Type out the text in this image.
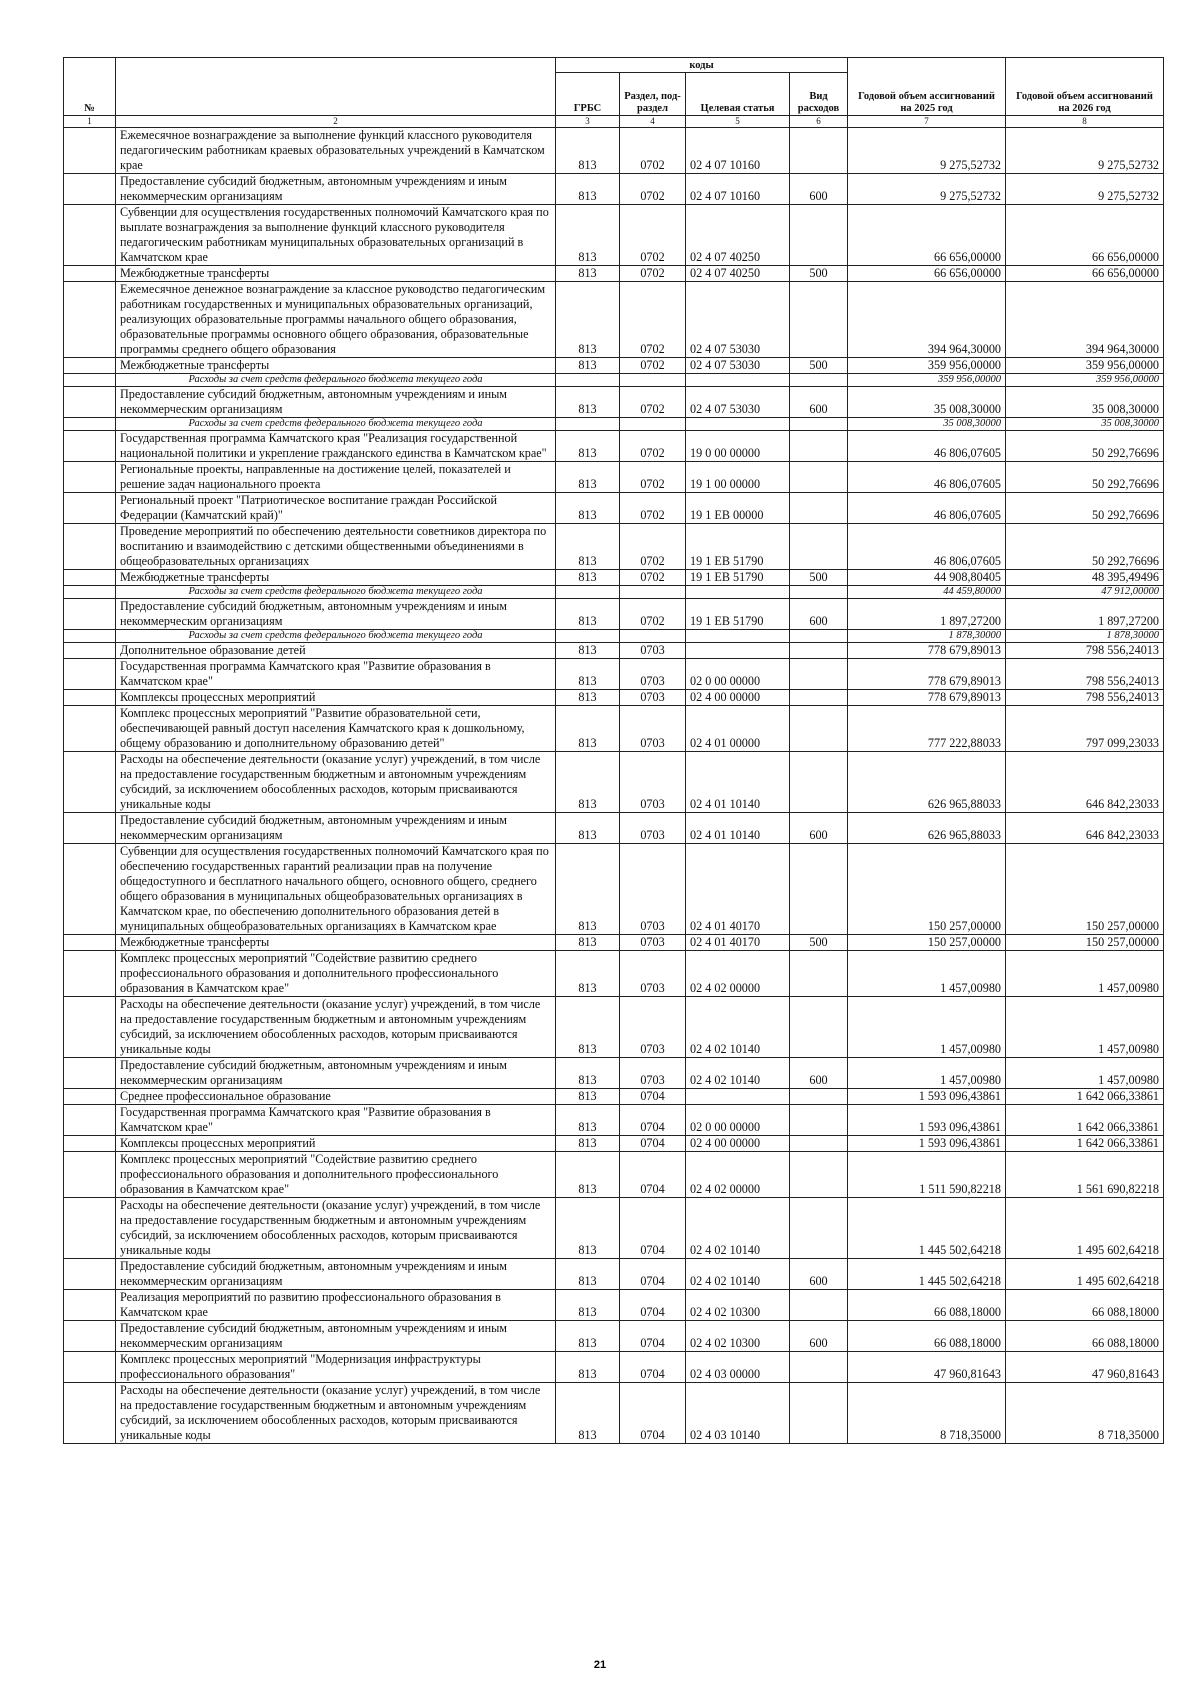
№		коды				Годовой объем ассигнований на 2025 год	Годовой объем ассигнований на 2026 год
		ГРБС	Раздел, под-раздел	Целевая статья	Вид расходов		
1	2	3	4	5	6	7	8
	Ежемесячное вознаграждение за выполнение функций классного руководителя педагогическим работникам краевых образовательных учреждений в Камчатском крае	813	0702	02 4 07 10160		9 275,52732	9 275,52732
	Предоставление субсидий бюджетным, автономным учреждениям и иным некоммерческим организациям	813	0702	02 4 07 10160	600	9 275,52732	9 275,52732
	Субвенции для осуществления государственных полномочий Камчатского края по выплате вознаграждения за выполнение функций классного руководителя педагогическим работникам муниципальных образовательных организаций в Камчатском крае	813	0702	02 4 07 40250		66 656,00000	66 656,00000
	Межбюджетные трансферты	813	0702	02 4 07 40250	500	66 656,00000	66 656,00000
	Ежемесячное денежное вознаграждение за классное руководство педагогическим работникам государственных и муниципальных образовательных организаций, реализующих образовательные программы начального общего образования, образовательные программы основного общего образования, образовательные программы среднего общего образования	813	0702	02 4 07 53030		394 964,30000	394 964,30000
	Межбюджетные трансферты	813	0702	02 4 07 53030	500	359 956,00000	359 956,00000
	Расходы за счет средств федерального бюджета текущего года					359 956,00000	359 956,00000
	Предоставление субсидий бюджетным, автономным учреждениям и иным некоммерческим организациям	813	0702	02 4 07 53030	600	35 008,30000	35 008,30000
	Расходы за счет средств федерального бюджета текущего года					35 008,30000	35 008,30000
	Государственная программа Камчатского края "Реализация государственной национальной политики и укрепление гражданского единства в Камчатском крае"	813	0702	19 0 00 00000		46 806,07605	50 292,76696
	Региональные проекты, направленные на достижение целей, показателей и решение задач национального проекта	813	0702	19 1 00 00000		46 806,07605	50 292,76696
	Региональный проект "Патриотическое воспитание граждан Российской Федерации (Камчатский край)"	813	0702	19 1 ЕВ 00000		46 806,07605	50 292,76696
	Проведение мероприятий по обеспечению деятельности советников директора по воспитанию и взаимодействию с детскими общественными объединениями в общеобразовательных организациях	813	0702	19 1 ЕВ 51790		46 806,07605	50 292,76696
	Межбюджетные трансферты	813	0702	19 1 ЕВ 51790	500	44 908,80405	48 395,49496
	Расходы за счет средств федерального бюджета текущего года					44 459,80000	47 912,00000
	Предоставление субсидий бюджетным, автономным учреждениям и иным некоммерческим организациям	813	0702	19 1 ЕВ 51790	600	1 897,27200	1 897,27200
	Расходы за счет средств федерального бюджета текущего года					1 878,30000	1 878,30000
	Дополнительное образование детей	813	0703			778 679,89013	798 556,24013
	Государственная программа Камчатского края "Развитие образования в Камчатском крае"	813	0703	02 0 00 00000		778 679,89013	798 556,24013
	Комплексы процессных мероприятий	813	0703	02 4 00 00000		778 679,89013	798 556,24013
	Комплекс процессных мероприятий "Развитие образовательной сети, обеспечивающей равный доступ населения Камчатского края к дошкольному, общему образованию и дополнительному образованию детей"	813	0703	02 4 01 00000		777 222,88033	797 099,23033
	Расходы на обеспечение деятельности (оказание услуг) учреждений, в том числе на предоставление государственным бюджетным и автономным учреждениям субсидий, за исключением обособленных расходов, которым присваиваются уникальные коды	813	0703	02 4 01 10140		626 965,88033	646 842,23033
	Предоставление субсидий бюджетным, автономным учреждениям и иным некоммерческим организациям	813	0703	02 4 01 10140	600	626 965,88033	646 842,23033
	Субвенции для осуществления государственных полномочий Камчатского края по обеспечению государственных гарантий реализации прав на получение общедоступного и бесплатного начального общего, основного общего, среднего общего образования в муниципальных общеобразовательных организациях в Камчатском крае, по обеспечению дополнительного образования детей в муниципальных общеобразовательных организациях в Камчатском крае	813	0703	02 4 01 40170		150 257,00000	150 257,00000
	Межбюджетные трансферты	813	0703	02 4 01 40170	500	150 257,00000	150 257,00000
	Комплекс процессных мероприятий "Содействие развитию среднего профессионального образования и дополнительного профессионального образования в Камчатском крае"	813	0703	02 4 02 00000		1 457,00980	1 457,00980
	Расходы на обеспечение деятельности (оказание услуг) учреждений, в том числе на предоставление государственным бюджетным и автономным учреждениям субсидий, за исключением обособленных расходов, которым присваиваются уникальные коды	813	0703	02 4 02 10140		1 457,00980	1 457,00980
	Предоставление субсидий бюджетным, автономным учреждениям и иным некоммерческим организациям	813	0703	02 4 02 10140	600	1 457,00980	1 457,00980
	Среднее профессиональное образование	813	0704			1 593 096,43861	1 642 066,33861
	Государственная программа Камчатского края "Развитие образования в Камчатском крае"	813	0704	02 0 00 00000		1 593 096,43861	1 642 066,33861
	Комплексы процессных мероприятий	813	0704	02 4 00 00000		1 593 096,43861	1 642 066,33861
	Комплекс процессных мероприятий "Содействие развитию среднего профессионального образования и дополнительного профессионального образования в Камчатском крае"	813	0704	02 4 02 00000		1 511 590,82218	1 561 690,82218
	Расходы на обеспечение деятельности (оказание услуг) учреждений, в том числе на предоставление государственным бюджетным и автономным учреждениям субсидий, за исключением обособленных расходов, которым присваиваются уникальные коды	813	0704	02 4 02 10140		1 445 502,64218	1 495 602,64218
	Предоставление субсидий бюджетным, автономным учреждениям и иным некоммерческим организациям	813	0704	02 4 02 10140	600	1 445 502,64218	1 495 602,64218
	Реализация мероприятий по развитию профессионального образования в Камчатском крае	813	0704	02 4 02 10300		66 088,18000	66 088,18000
	Предоставление субсидий бюджетным, автономным учреждениям и иным некоммерческим организациям	813	0704	02 4 02 10300	600	66 088,18000	66 088,18000
	Комплекс процессных мероприятий "Модернизация инфраструктуры профессионального образования"	813	0704	02 4 03 00000		47 960,81643	47 960,81643
	Расходы на обеспечение деятельности (оказание услуг) учреждений, в том числе на предоставление государственным бюджетным и автономным учреждениям субсидий, за исключением обособленных расходов, которым присваиваются уникальные коды	813	0704	02 4 03 10140		8 718,35000	8 718,35000
21
